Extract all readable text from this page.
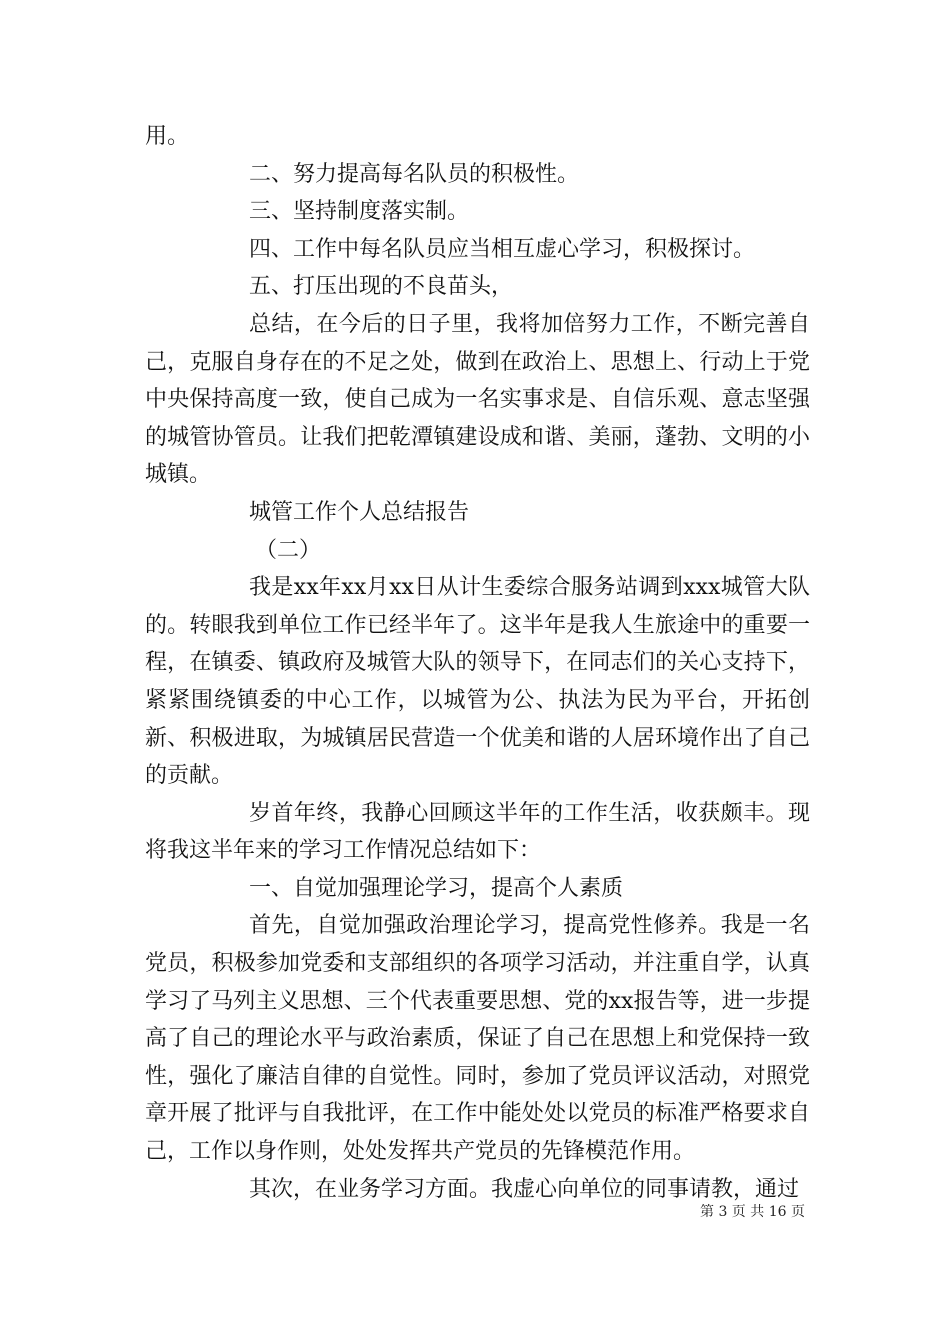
用。

二、努力提高每名队员的积极性。

三、坚持制度落实制。

四、工作中每名队员应当相互虚心学习，积极探讨。

五、打压出现的不良苗头，

总结，在今后的日子里，我将加倍努力工作，不断完善自己，克服自身存在的不足之处，做到在政治上、思想上、行动上于党中央保持高度一致，使自己成为一名实事求是、自信乐观、意志坚强的城管协管员。让我们把乾潭镇建设成和谐、美丽，蓬勃、文明的小城镇。

城管工作个人总结报告

（二）

我是xx年xx月xx日从计生委综合服务站调到xxx城管大队的。转眼我到单位工作已经半年了。这半年是我人生旅途中的重要一程，在镇委、镇政府及城管大队的领导下，在同志们的关心支持下，紧紧围绕镇委的中心工作，以城管为公、执法为民为平台，开拓创新、积极进取，为城镇居民营造一个优美和谐的人居环境作出了自己的贡献。

岁首年终，我静心回顾这半年的工作生活，收获颇丰。现将我这半年来的学习工作情况总结如下：

一、自觉加强理论学习，提高个人素质

首先，自觉加强政治理论学习，提高党性修养。我是一名党员，积极参加党委和支部组织的各项学习活动，并注重自学，认真学习了马列主义思想、三个代表重要思想、党的xx报告等，进一步提高了自己的理论水平与政治素质，保证了自己在思想上和党保持一致性，强化了廉洁自律的自觉性。同时，参加了党员评议活动，对照党章开展了批评与自我批评，在工作中能处处以党员的标准严格要求自己，工作以身作则，处处发挥共产党员的先锋模范作用。

其次，在业务学习方面。我虚心向单位的同事请教，通过

第 3 页 共 16 页
